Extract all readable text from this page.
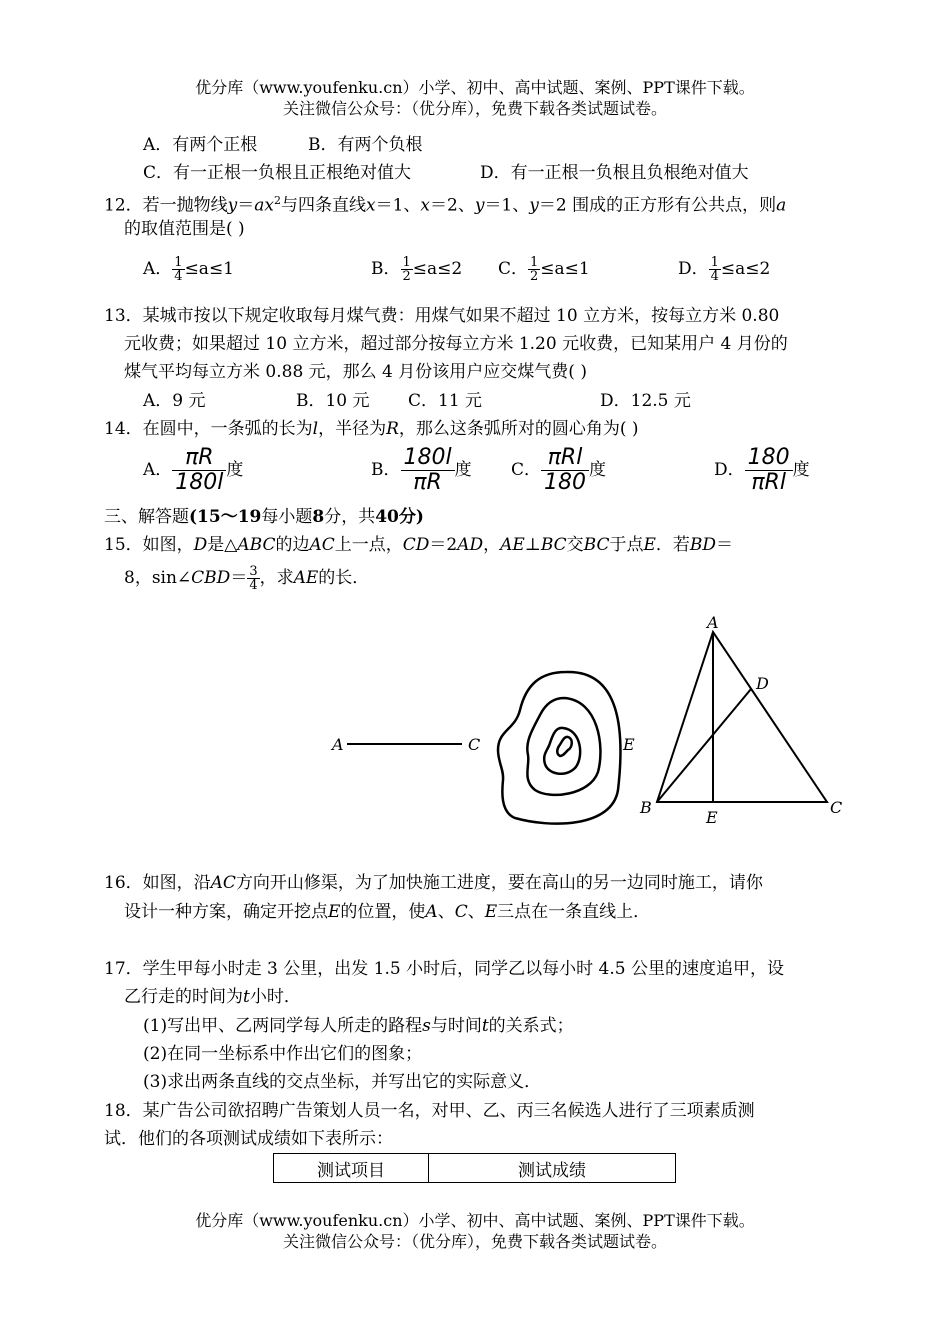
优分库（www.youfenku.cn）小学、初中、高中试题、案例、PPT课件下载。
关注微信公众号：（优分库），免费下载各类试题试卷。
A．有两个正根	B．有两个负根
C．有一正根一负根且正根绝对值大	D．有一正根一负根且负根绝对值大
12．若一抛物线$y=ax^2$与四条直线x＝1、x＝2、y＝1、y＝2 围成的正方形有公共点，则a
的取值范围是( )
A． $\frac{1}{4} \le a\le 1$	B． $\frac{1}{2} \le a\le 2$ C． $\frac{1}{2} \le a\le 1$	D． $\frac{1}{4} \le a\le 2$
13．某城市按以下规定收取每月煤气费：用煤气如果不超过 10 立方米，按每立方米 0.80
元收费；如果超过 10 立方米，超过部分按每立方米 1.20 元收费，已知某用户 4 月份的
煤气平均每立方米 0.88 元，那么 4 月份该用户应交煤气费( )
A．9 元	B．10 元 C．11 元	D．12.5 元
14．在圆中，一条弧的长为l，半径为R，那么这条弧所对的圆心角为( )
A． $\frac{\pi R}{180l}$ 度	B． $\frac{180l}{\pi R}$ 度 C． $\frac{\text{πRl}}{180}$ 度	D． $\frac{180}{\text{πRl}}$ 度
三、解答题(15～19每小题8分，共40分)
15．如图，D是△ABC的边AC上一点，CD＝2AD，AE⊥BC交BC于点E．若BD＝
8，sin∠CBD＝ $\frac{3}{4}$ ，求AE的长．
A	C	E
A
D
B	C
E
16．如图，沿AC方向开山修渠，为了加快施工进度，要在高山的另一边同时施工，请你
设计一种方案，确定开挖点E的位置，使A、C、E三点在一条直线上．
17．学生甲每小时走 3 公里，出发 1.5 小时后，同学乙以每小时 4.5 公里的速度追甲，设
乙行走的时间为t小时．
(1)写出甲、乙两同学每人所走的路程s与时间t的关系式；
(2)在同一坐标系中作出它们的图象；
(3)求出两条直线的交点坐标，并写出它的实际意义．
18．某广告公司欲招聘广告策划人员一名，对甲、乙、丙三名候选人进行了三项素质测
试．他们的各项测试成绩如下表所示：
测试项目	测试成绩
优分库（www.youfenku.cn）小学、初中、高中试题、案例、PPT课件下载。
关注微信公众号：（优分库），免费下载各类试题试卷。
